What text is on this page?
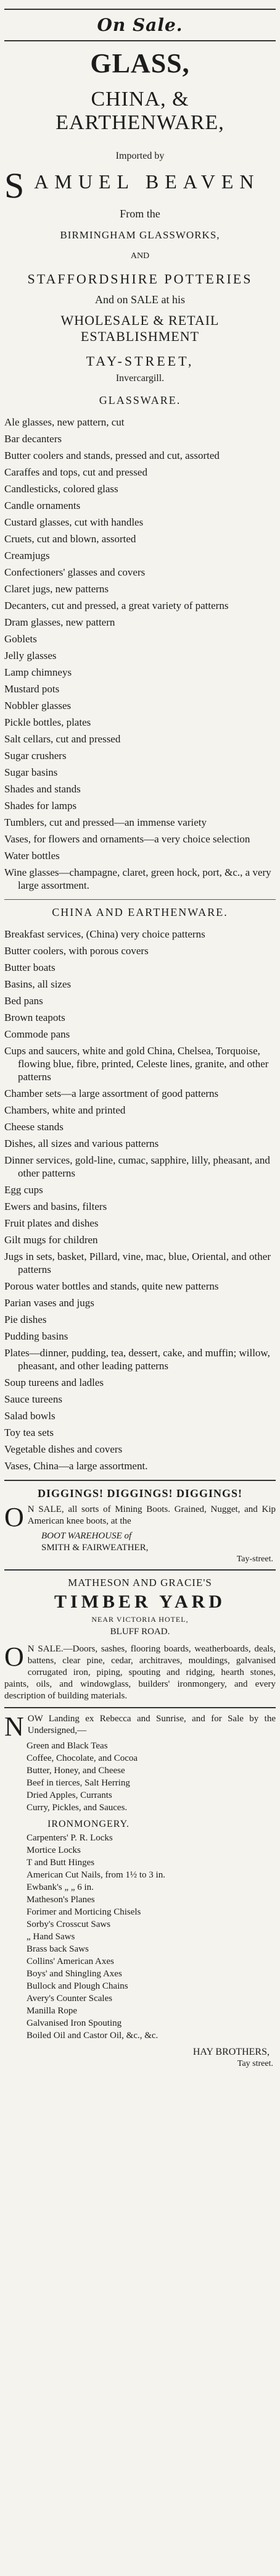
On Sale.
GLASS,
CHINA, & EARTHENWARE,
Imported by
S AMUEL BEAVEN
From the
BIRMINGHAM GLASSWORKS,
AND
STAFFORDSHIRE POTTERIES
And on SALE at his
WHOLESALE & RETAIL ESTABLISHMENT
TAY-STREET,
Invercargill.
GLASSWARE.
Ale glasses, new pattern, cut
Bar decanters
Butter coolers and stands, pressed and cut, assorted
Caraffes and tops, cut and pressed
Candlesticks, colored glass
Candle ornaments
Custard glasses, cut with handles
Cruets, cut and blown, assorted
Creamjugs
Confectioners' glasses and covers
Claret jugs, new patterns
Decanters, cut and pressed, a great variety of patterns
Dram glasses, new pattern
Goblets
Jelly glasses
Lamp chimneys
Mustard pots
Nobbler glasses
Pickle bottles, plates
Salt cellars, cut and pressed
Sugar crushers
Sugar basins
Shades and stands
Shades for lamps
Tumblers, cut and pressed—an immense variety
Vases, for flowers and ornaments—a very choice selection
Water bottles
Wine glasses—champagne, claret, green hock, port, &c., a very large assortment.
CHINA AND EARTHENWARE.
Breakfast services, (China) very choice patterns
Butter coolers, with porous covers
Butter boats
Basins, all sizes
Bed pans
Brown teapots
Commode pans
Cups and saucers, white and gold China, Chelsea, Torquoise, flowing blue, fibre, printed, Celeste lines, granite, and other patterns
Chamber sets—a large assortment of good patterns
Chambers, white and printed
Cheese stands
Dishes, all sizes and various patterns
Dinner services, gold-line, cumac, sapphire, lilly, pheasant, and other patterns
Egg cups
Ewers and basins, filters
Fruit plates and dishes
Gilt mugs for children
Jugs in sets, basket, Pillard, vine, mac, blue, Oriental, and other patterns
Porous water bottles and stands, quite new patterns
Parian vases and jugs
Pie dishes
Pudding basins
Plates—dinner, pudding, tea, dessert, cake, and muffin; willow, pheasant, and other leading patterns
Soup tureens and ladles
Sauce tureens
Salad bowls
Toy tea sets
Vegetable dishes and covers
Vases, China—a large assortment.
DIGGINGS! DIGGINGS! DIGGINGS!

O N SALE, all sorts of Mining Boots. Grained, Nugget, and Kip American knee boots, at the

BOOT WAREHOUSE of
SMITH & FAIRWEATHER,
Tay-street.
MATHESON AND GRACIE'S
TIMBER YARD
NEAR VICTORIA HOTEL,
BLUFF ROAD.

O N SALE.—Doors, sashes, flooring boards, weatherboards, deals, battens, clear pine, cedar, architraves, mouldings, galvanised corrugated iron, piping, spouting and ridging, hearth stones, paints, oils, and windowglass, builders' ironmongery, and every description of building materials.

N OW Landing ex Rebecca and Sunrise, and for Sale by the Undersigned,—

Green and Black Teas
Coffee, Chocolate, and Cocoa
Butter, Honey, and Cheese
Beef in tierces, Salt Herring
Dried Apples, Currants
Curry, Pickles, and Sauces.
IRONMONGERY.
Carpenters' P. R. Locks
Mortice Locks
T and Butt Hinges
American Cut Nails, from 1½ to 3 in.
Ewbank's „ „ 6 in.
Matheson's Planes
Forimer and Morticing Chisels
Sorby's Crosscut Saws
„ Hand Saws
Brass back Saws
Collins' American Axes
Boys' and Shingling Axes
Bullock and Plough Chains
Avery's Counter Scales
Manilla Rope
Galvanised Iron Spouting
Boiled Oil and Castor Oil, &c., &c.
HAY BROTHERS,
Tay street.
